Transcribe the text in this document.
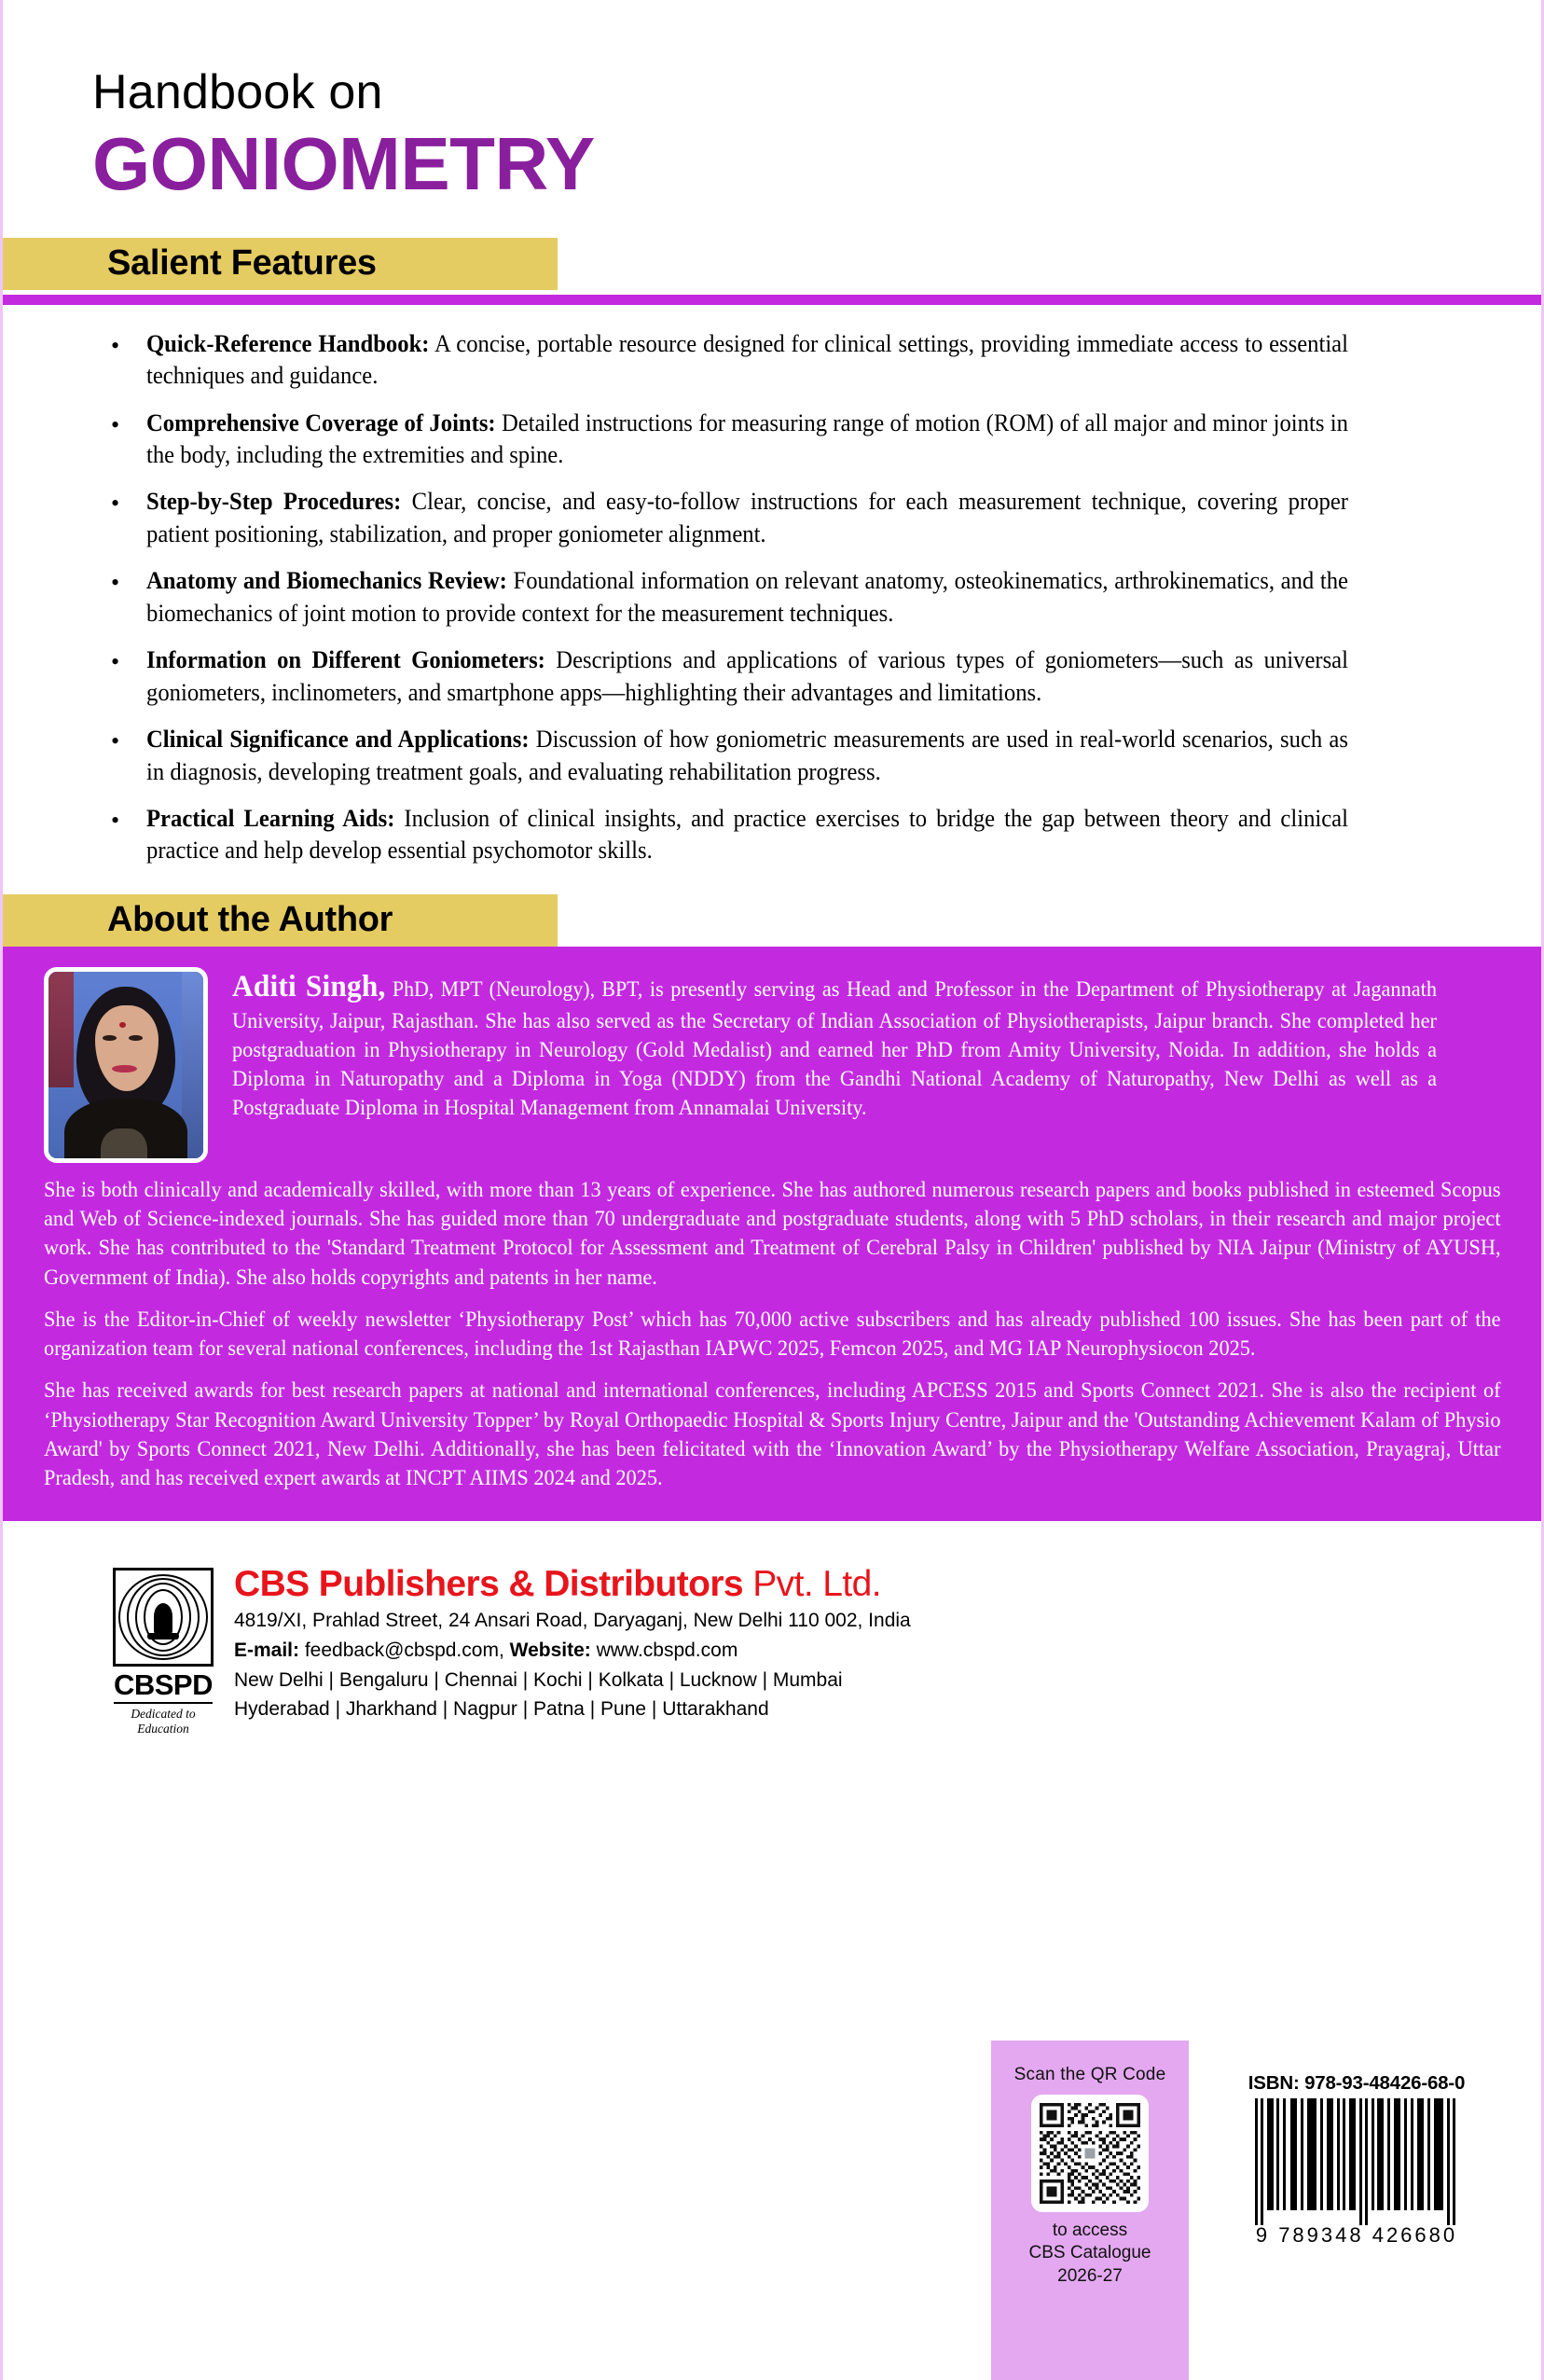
Handbook on
GONIOMETRY
Salient Features
•	Quick-Reference Handbook: A concise, portable resource designed for clinical settings, providing immediate access to essential techniques and guidance.
•	Comprehensive Coverage of Joints: Detailed instructions for measuring range of motion (ROM) of all major and minor joints in the body, including the extremities and spine.
•	Step-by-Step Procedures: Clear, concise, and easy-to-follow instructions for each measurement technique, covering proper patient positioning, stabilization, and proper goniometer alignment.
•	Anatomy and Biomechanics Review: Foundational information on relevant anatomy, osteokinematics, arthrokinematics, and the biomechanics of joint motion to provide context for the measurement techniques.
•	Information on Different Goniometers: Descriptions and applications of various types of goniometers—such as universal goniometers, inclinometers, and smartphone apps—highlighting their advantages and limitations.
•	Clinical Significance and Applications: Discussion of how goniometric measurements are used in real-world scenarios, such as in diagnosis, developing treatment goals, and evaluating rehabilitation progress.
•	Practical Learning Aids: Inclusion of clinical insights, and practice exercises to bridge the gap between theory and clinical practice and help develop essential psychomotor skills.
About the Author
Aditi Singh, PhD, MPT (Neurology), BPT, is presently serving as Head and Professor in the Department of Physiotherapy at Jagannath University, Jaipur, Rajasthan. She has also served as the Secretary of Indian Association of Physiotherapists, Jaipur branch. She completed her postgraduation in Physiotherapy in Neurology (Gold Medalist) and earned her PhD from Amity University, Noida. In addition, she holds a Diploma in Naturopathy and a Diploma in Yoga (NDDY) from the Gandhi National Academy of Naturopathy, New Delhi as well as a Postgraduate Diploma in Hospital Management from Annamalai University.
She is both clinically and academically skilled, with more than 13 years of experience. She has authored numerous research papers and books published in esteemed Scopus and Web of Science-indexed journals. She has guided more than 70 undergraduate and postgraduate students, along with 5 PhD scholars, in their research and major project work. She has contributed to the 'Standard Treatment Protocol for Assessment and Treatment of Cerebral Palsy in Children' published by NIA Jaipur (Ministry of AYUSH, Government of India). She also holds copyrights and patents in her name.
She is the Editor-in-Chief of weekly newsletter ‘Physiotherapy Post’ which has 70,000 active subscribers and has already published 100 issues. She has been part of the organization team for several national conferences, including the 1st Rajasthan IAPWC 2025, Femcon 2025, and MG IAP Neurophysiocon 2025.
She has received awards for best research papers at national and international conferences, including APCESS 2015 and Sports Connect 2021. She is also the recipient of ‘Physiotherapy Star Recognition Award University Topper’ by Royal Orthopaedic Hospital & Sports Injury Centre, Jaipur and the 'Outstanding Achievement Kalam of Physio Award' by Sports Connect 2021, New Delhi. Additionally, she has been felicitated with the ‘Innovation Award’ by the Physiotherapy Welfare Association, Prayagraj, Uttar Pradesh, and has received expert awards at INCPT AIIMS 2024 and 2025.
CBSPD
Dedicated to Education
CBS Publishers & Distributors Pvt. Ltd.
4819/XI, Prahlad Street, 24 Ansari Road, Daryaganj, New Delhi 110 002, India
E-mail: feedback@cbspd.com, Website: www.cbspd.com
New Delhi | Bengaluru | Chennai | Kochi | Kolkata | Lucknow | Mumbai
Hyderabad | Jharkhand | Nagpur | Patna | Pune | Uttarakhand
Scan the QR Code
to access
CBS Catalogue
2026-27
ISBN: 978-93-48426-68-0
9 789348 426680
